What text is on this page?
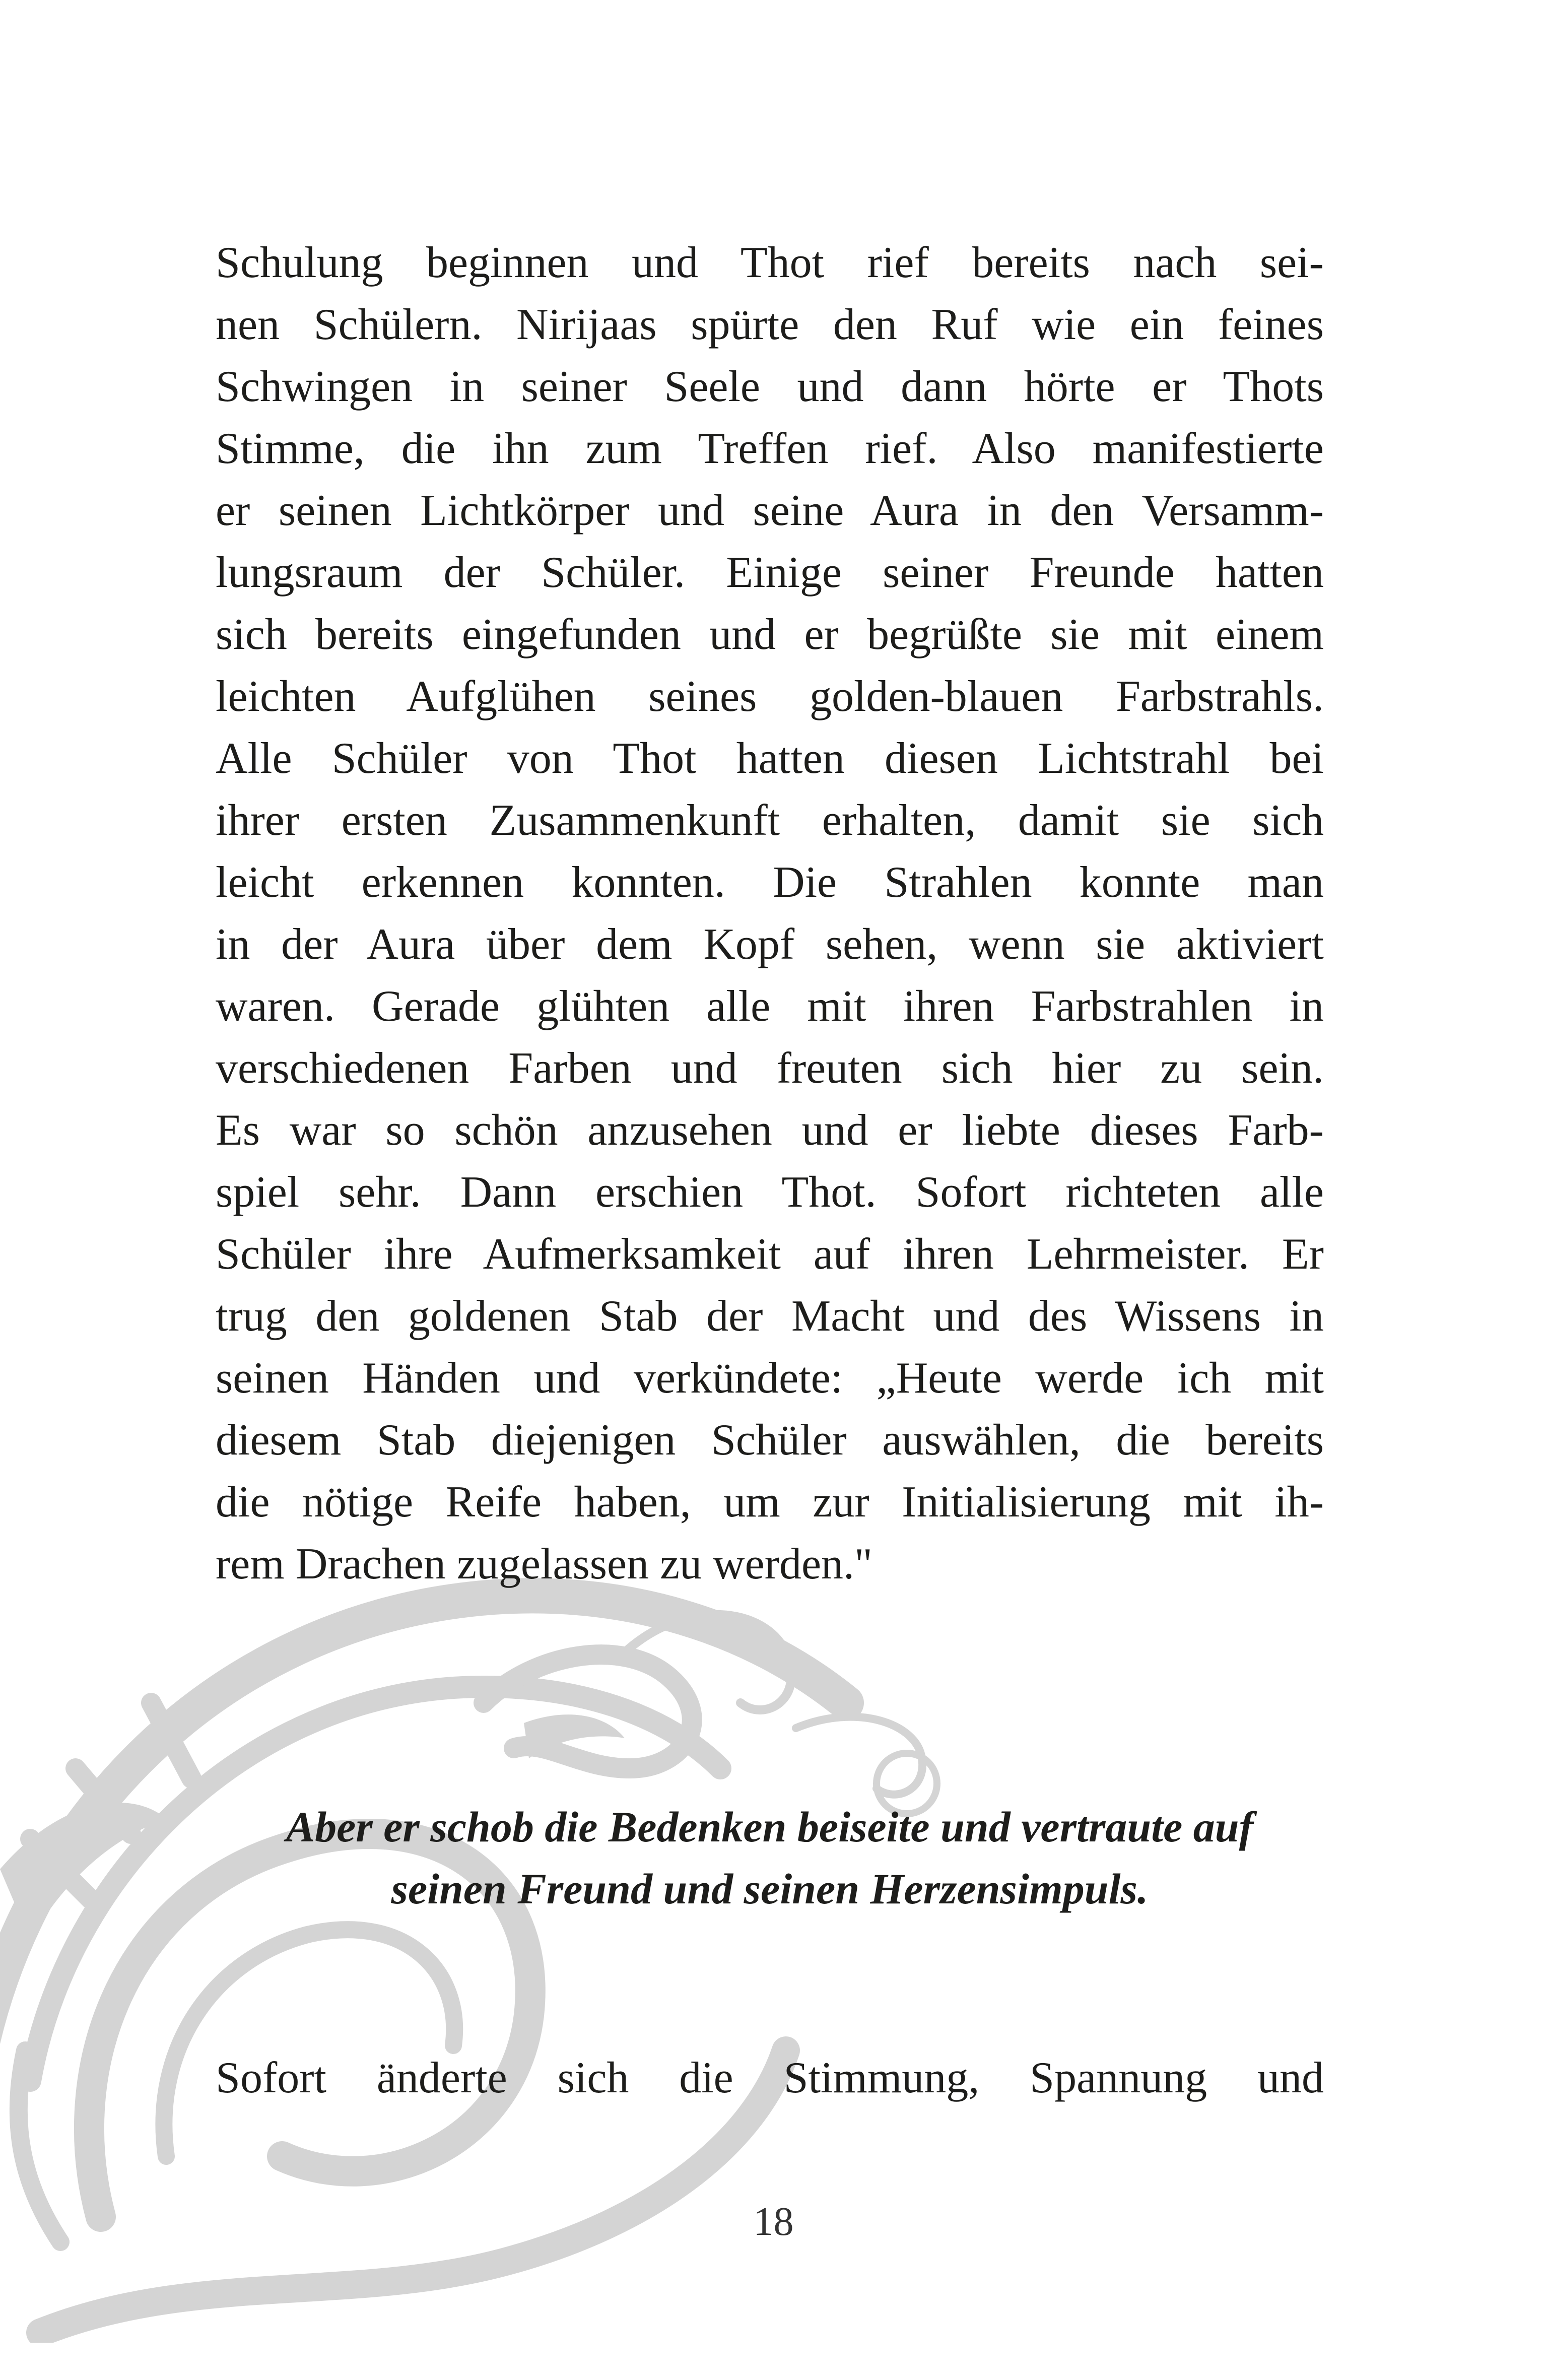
Schulung beginnen und Thot rief bereits nach sei-
nen Schülern. Nirijaas spürte den Ruf wie ein feines
Schwingen in seiner Seele und dann hörte er Thots
Stimme, die ihn zum Treffen rief. Also manifestierte
er seinen Lichtkörper und seine Aura in den Versamm-
lungsraum der Schüler. Einige seiner Freunde hatten
sich bereits eingefunden und er begrüßte sie mit einem
leichten Aufglühen seines golden-blauen Farbstrahls.
Alle Schüler von Thot hatten diesen Lichtstrahl bei
ihrer ersten Zusammenkunft erhalten, damit sie sich
leicht erkennen konnten. Die Strahlen konnte man
in der Aura über dem Kopf sehen, wenn sie aktiviert
waren. Gerade glühten alle mit ihren Farbstrahlen in
verschiedenen Farben und freuten sich hier zu sein.
Es war so schön anzusehen und er liebte dieses Farb-
spiel sehr. Dann erschien Thot. Sofort richteten alle
Schüler ihre Aufmerksamkeit auf ihren Lehrmeister. Er
trug den goldenen Stab der Macht und des Wissens in
seinen Händen und verkündete: „Heute werde ich mit
diesem Stab diejenigen Schüler auswählen, die bereits
die nötige Reife haben, um zur Initialisierung mit ih-
rem Drachen zugelassen zu werden."
Aber er schob die Bedenken beiseite und vertraute auf
seinen Freund und seinen Herzensimpuls.
Sofort änderte sich die Stimmung, Spannung und
18
